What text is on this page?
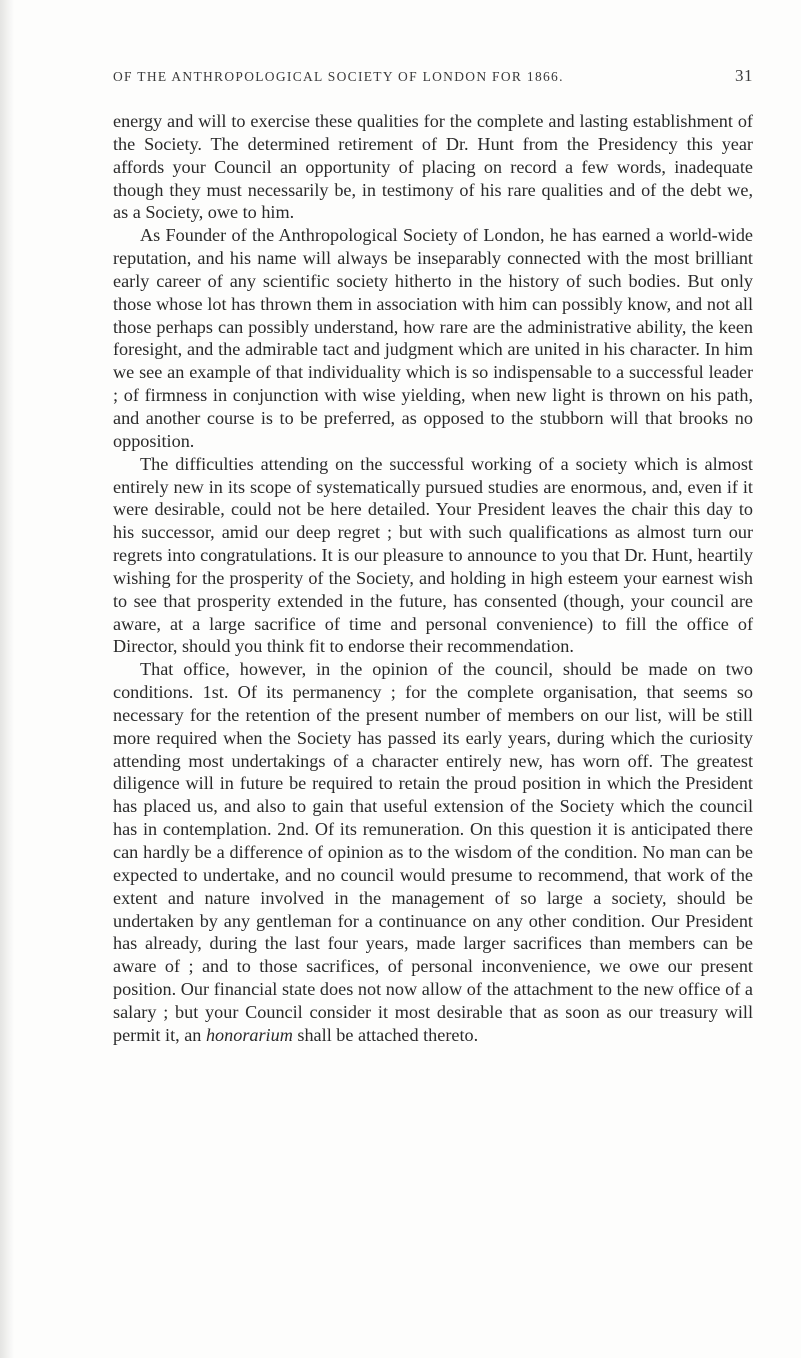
OF THE ANTHROPOLOGICAL SOCIETY OF LONDON FOR 1866.	31

energy and will to exercise these qualities for the complete and lasting establishment of the Society. The determined retirement of Dr. Hunt from the Presidency this year affords your Council an opportunity of placing on record a few words, inadequate though they must necessarily be, in testimony of his rare qualities and of the debt we, as a Society, owe to him.

As Founder of the Anthropological Society of London, he has earned a world-wide reputation, and his name will always be inseparably connected with the most brilliant early career of any scientific society hitherto in the history of such bodies. But only those whose lot has thrown them in association with him can possibly know, and not all those perhaps can possibly understand, how rare are the administrative ability, the keen foresight, and the admirable tact and judgment which are united in his character. In him we see an example of that individuality which is so indispensable to a successful leader ; of firmness in conjunction with wise yielding, when new light is thrown on his path, and another course is to be preferred, as opposed to the stubborn will that brooks no opposition.

The difficulties attending on the successful working of a society which is almost entirely new in its scope of systematically pursued studies are enormous, and, even if it were desirable, could not be here detailed. Your President leaves the chair this day to his successor, amid our deep regret ; but with such qualifications as almost turn our regrets into congratulations. It is our pleasure to announce to you that Dr. Hunt, heartily wishing for the prosperity of the Society, and holding in high esteem your earnest wish to see that prosperity extended in the future, has consented (though, your council are aware, at a large sacrifice of time and personal convenience) to fill the office of Director, should you think fit to endorse their recommendation.

That office, however, in the opinion of the council, should be made on two conditions. 1st. Of its permanency ; for the complete organisation, that seems so necessary for the retention of the present number of members on our list, will be still more required when the Society has passed its early years, during which the curiosity attending most undertakings of a character entirely new, has worn off. The greatest diligence will in future be required to retain the proud position in which the President has placed us, and also to gain that useful extension of the Society which the council has in contemplation. 2nd. Of its remuneration. On this question it is anticipated there can hardly be a difference of opinion as to the wisdom of the condition. No man can be expected to undertake, and no council would presume to recommend, that work of the extent and nature involved in the management of so large a society, should be undertaken by any gentleman for a continuance on any other condition. Our President has already, during the last four years, made larger sacrifices than members can be aware of ; and to those sacrifices, of personal inconvenience, we owe our present position. Our financial state does not now allow of the attachment to the new office of a salary ; but your Council consider it most desirable that as soon as our treasury will permit it, an honorarium shall be attached thereto.
